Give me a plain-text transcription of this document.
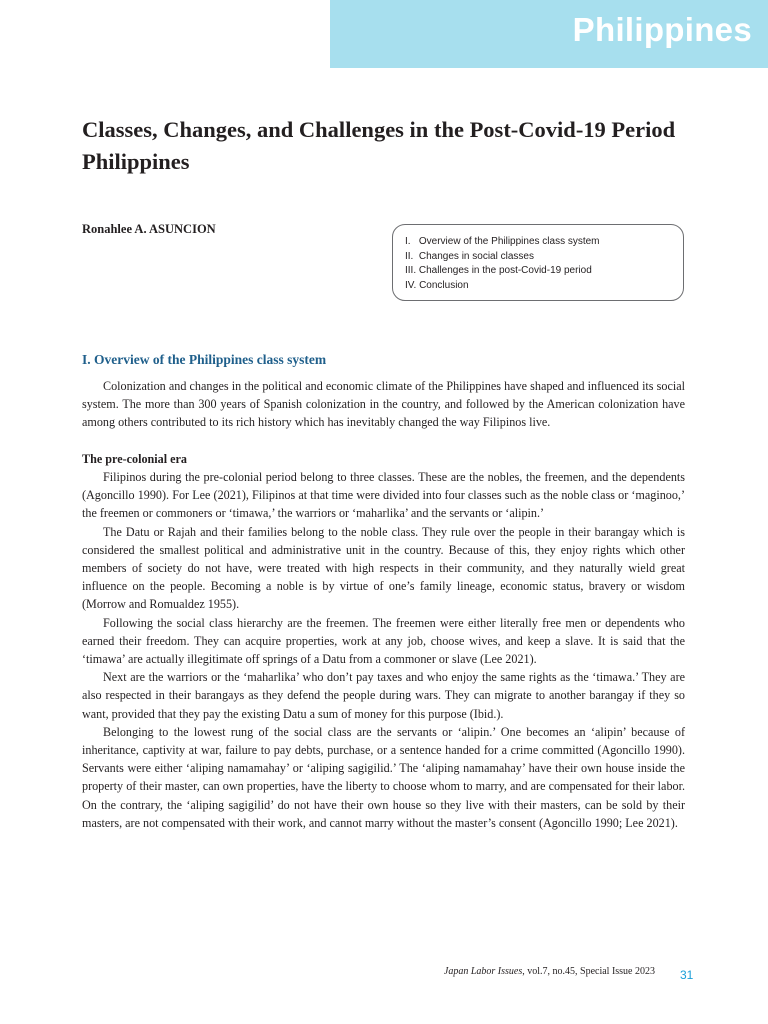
Philippines
Classes, Changes, and Challenges in the Post-Covid-19 Period Philippines
Ronahlee A. ASUNCION
I.   Overview of the Philippines class system
II.  Changes in social classes
III. Challenges in the post-Covid-19 period
IV. Conclusion
I. Overview of the Philippines class system

Colonization and changes in the political and economic climate of the Philippines have shaped and influenced its social system. The more than 300 years of Spanish colonization in the country, and followed by the American colonization have among others contributed to its rich history which has inevitably changed the way Filipinos live.

The pre-colonial era

Filipinos during the pre-colonial period belong to three classes. These are the nobles, the freemen, and the dependents (Agoncillo 1990). For Lee (2021), Filipinos at that time were divided into four classes such as the noble class or ‘maginoo,’ the freemen or commoners or ‘timawa,’ the warriors or ‘maharlika’ and the servants or ‘alipin.’

The Datu or Rajah and their families belong to the noble class. They rule over the people in their barangay which is considered the smallest political and administrative unit in the country. Because of this, they enjoy rights which other members of society do not have, were treated with high respects in their community, and they naturally wield great influence on the people. Becoming a noble is by virtue of one’s family lineage, economic status, bravery or wisdom (Morrow and Romualdez 1955).

Following the social class hierarchy are the freemen. The freemen were either literally free men or dependents who earned their freedom. They can acquire properties, work at any job, choose wives, and keep a slave. It is said that the ‘timawa’ are actually illegitimate off springs of a Datu from a commoner or slave (Lee 2021).

Next are the warriors or the ‘maharlika’ who don’t pay taxes and who enjoy the same rights as the ‘timawa.’ They are also respected in their barangays as they defend the people during wars. They can migrate to another barangay if they so want, provided that they pay the existing Datu a sum of money for this purpose (Ibid.).

Belonging to the lowest rung of the social class are the servants or ‘alipin.’ One becomes an ‘alipin’ because of inheritance, captivity at war, failure to pay debts, purchase, or a sentence handed for a crime committed (Agoncillo 1990). Servants were either ‘aliping namamahay’ or ‘aliping sagigilid.’ The ‘aliping namamahay’ have their own house inside the property of their master, can own properties, have the liberty to choose whom to marry, and are compensated for their labor. On the contrary, the ‘aliping sagigilid’ do not have their own house so they live with their masters, can be sold by their masters, are not compensated with their work, and cannot marry without the master’s consent (Agoncillo 1990; Lee 2021).

Japan Labor Issues, vol.7, no.45, Special Issue 2023 31
